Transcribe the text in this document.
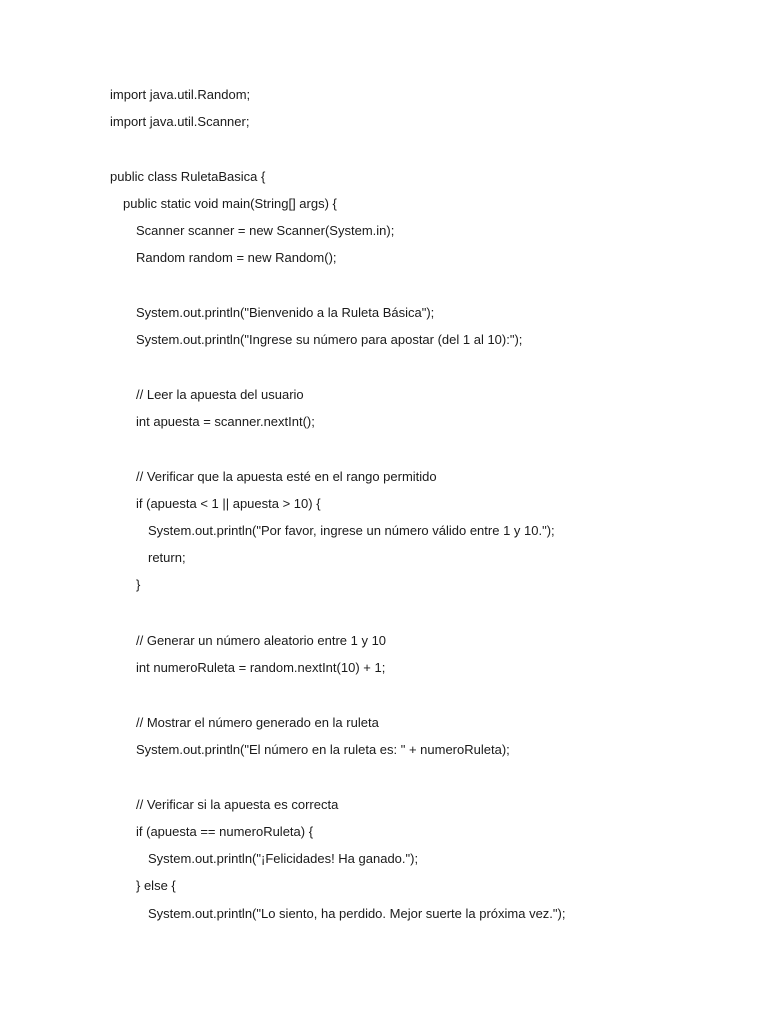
import java.util.Random;
import java.util.Scanner;
public class RuletaBasica {
public static void main(String[] args) {
Scanner scanner = new Scanner(System.in);
Random random = new Random();
System.out.println("Bienvenido a la Ruleta Básica");
System.out.println("Ingrese su número para apostar (del 1 al 10):");
// Leer la apuesta del usuario
int apuesta = scanner.nextInt();
// Verificar que la apuesta esté en el rango permitido
if (apuesta < 1 || apuesta > 10) {
System.out.println("Por favor, ingrese un número válido entre 1 y 10.");
return;
}
// Generar un número aleatorio entre 1 y 10
int numeroRuleta = random.nextInt(10) + 1;
// Mostrar el número generado en la ruleta
System.out.println("El número en la ruleta es: " + numeroRuleta);
// Verificar si la apuesta es correcta
if (apuesta == numeroRuleta) {
System.out.println("¡Felicidades! Ha ganado.");
} else {
System.out.println("Lo siento, ha perdido. Mejor suerte la próxima vez.");
